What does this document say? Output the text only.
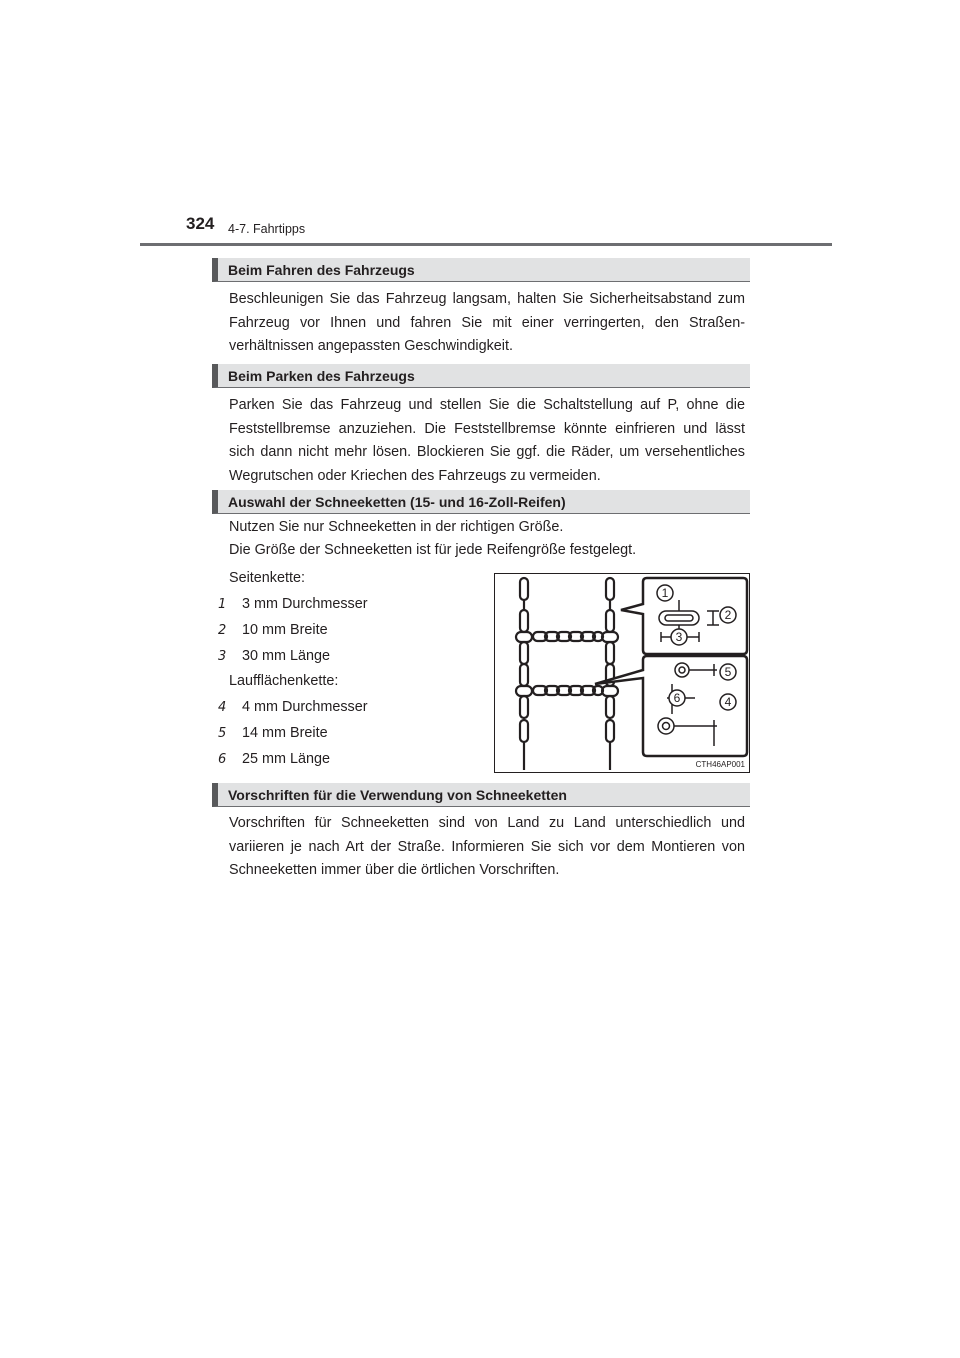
324 4-7. Fahrtipps
Beim Fahren des Fahrzeugs

Beschleunigen Sie das Fahrzeug langsam, halten Sie Sicherheitsabstand zum Fahrzeug vor Ihnen und fahren Sie mit einer verringerten, den Straßenverhältnissen angepassten Geschwindigkeit.

Beim Parken des Fahrzeugs

Parken Sie das Fahrzeug und stellen Sie die Schaltstellung auf P, ohne die Feststellbremse anzuziehen. Die Feststellbremse könnte einfrieren und lässt sich dann nicht mehr lösen. Blockieren Sie ggf. die Räder, um versehentliches Wegrutschen oder Kriechen des Fahrzeugs zu vermeiden.

Auswahl der Schneeketten (15- und 16-Zoll-Reifen)
Nutzen Sie nur Schneeketten in der richtigen Größe.
Die Größe der Schneeketten ist für jede Reifengröße festgelegt.
Seitenkette:
1 3 mm Durchmesser
2 10 mm Breite
3 30 mm Länge
Laufflächenkette:
4 4 mm Durchmesser
5 14 mm Breite
6 25 mm Länge
1
2
3
4
5
6
CTH46AP001
Vorschriften für die Verwendung von Schneeketten

Vorschriften für Schneeketten sind von Land zu Land unterschiedlich und variieren je nach Art der Straße. Informieren Sie sich vor dem Montieren von Schneeketten immer über die örtlichen Vorschriften.
